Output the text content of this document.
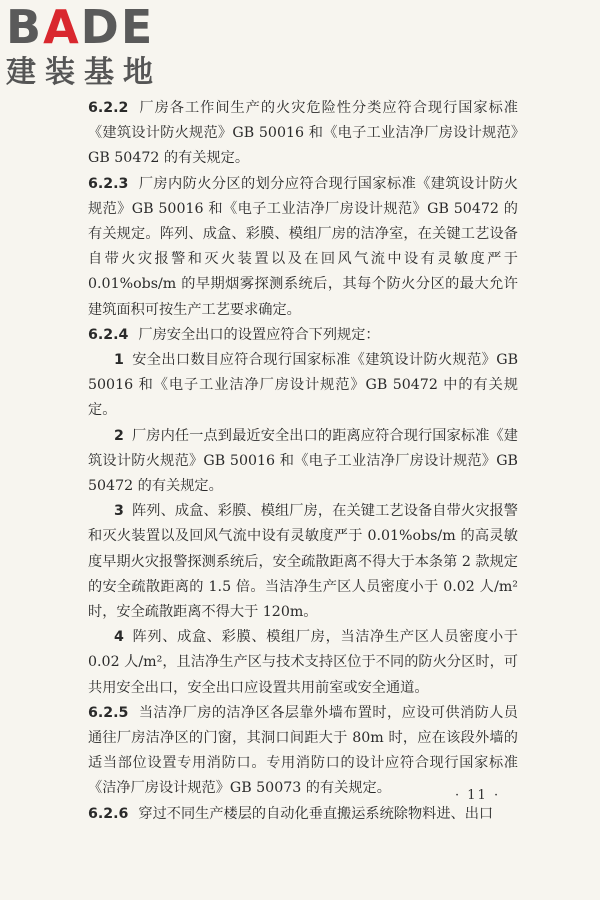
BADE
建装基地

6.2.2 厂房各工作间生产的火灾危险性分类应符合现行国家标准《建筑设计防火规范》GB 50016 和《电子工业洁净厂房设计规范》GB 50472 的有关规定。

6.2.3 厂房内防火分区的划分应符合现行国家标准《建筑设计防火规范》GB 50016 和《电子工业洁净厂房设计规范》GB 50472 的有关规定。阵列、成盒、彩膜、模组厂房的洁净室，在关键工艺设备自带火灾报警和灭火装置以及在回风气流中设有灵敏度严于 0.01%obs/m 的早期烟雾探测系统后，其每个防火分区的最大允许建筑面积可按生产工艺要求确定。

6.2.4 厂房安全出口的设置应符合下列规定：

1 安全出口数目应符合现行国家标准《建筑设计防火规范》GB 50016 和《电子工业洁净厂房设计规范》GB 50472 中的有关规定。

2 厂房内任一点到最近安全出口的距离应符合现行国家标准《建筑设计防火规范》GB 50016 和《电子工业洁净厂房设计规范》GB 50472 的有关规定。

3 阵列、成盒、彩膜、模组厂房，在关键工艺设备自带火灾报警和灭火装置以及回风气流中设有灵敏度严于 0.01%obs/m 的高灵敏度早期火灾报警探测系统后，安全疏散距离不得大于本条第 2 款规定的安全疏散距离的 1.5 倍。当洁净生产区人员密度小于 0.02 人/m² 时，安全疏散距离不得大于 120m。

4 阵列、成盒、彩膜、模组厂房，当洁净生产区人员密度小于 0.02 人/m²，且洁净生产区与技术支持区位于不同的防火分区时，可共用安全出口，安全出口应设置共用前室或安全通道。

6.2.5 当洁净厂房的洁净区各层靠外墙布置时，应设可供消防人员通往厂房洁净区的门窗，其洞口间距大于 80m 时，应在该段外墙的适当部位设置专用消防口。专用消防口的设计应符合现行国家标准《洁净厂房设计规范》GB 50073 的有关规定。

6.2.6 穿过不同生产楼层的自动化垂直搬运系统除物料进、出口

· 11 ·
